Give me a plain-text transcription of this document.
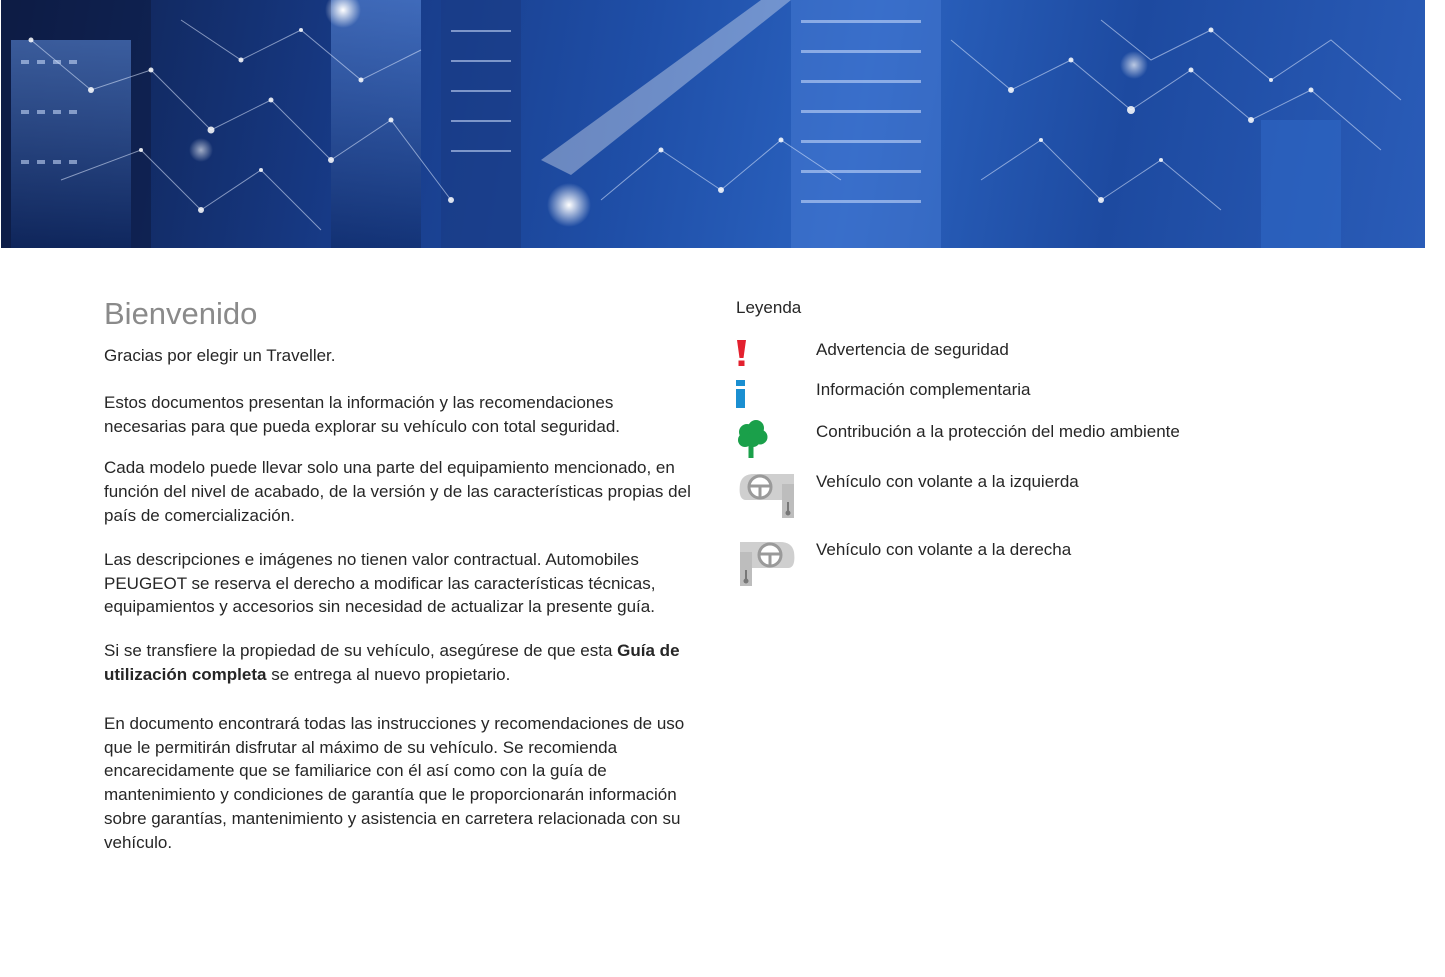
Bienvenido

Gracias por elegir un Traveller.

Estos documentos presentan la información y las recomendaciones necesarias para que pueda explorar su vehículo con total seguridad.

Cada modelo puede llevar solo una parte del equipamiento mencionado, en función del nivel de acabado, de la versión y de las características propias del país de comercialización.

Las descripciones e imágenes no tienen valor contractual. Automobiles PEUGEOT se reserva el derecho a modificar las características técnicas, equipamientos y accesorios sin necesidad de actualizar la presente guía.

Si se transfiere la propiedad de su vehículo, asegúrese de que esta Guía de utilización completa se entrega al nuevo propietario.

En documento encontrará todas las instrucciones y recomendaciones de uso que le permitirán disfrutar al máximo de su vehículo. Se recomienda encarecidamente que se familiarice con él así como con la guía de mantenimiento y condiciones de garantía que le proporcionarán información sobre garantías, mantenimiento y asistencia en carretera relacionada con su vehículo.

Leyenda

Advertencia de seguridad
Información complementaria
Contribución a la protección del medio ambiente
Vehículo con volante a la izquierda
Vehículo con volante a la derecha
